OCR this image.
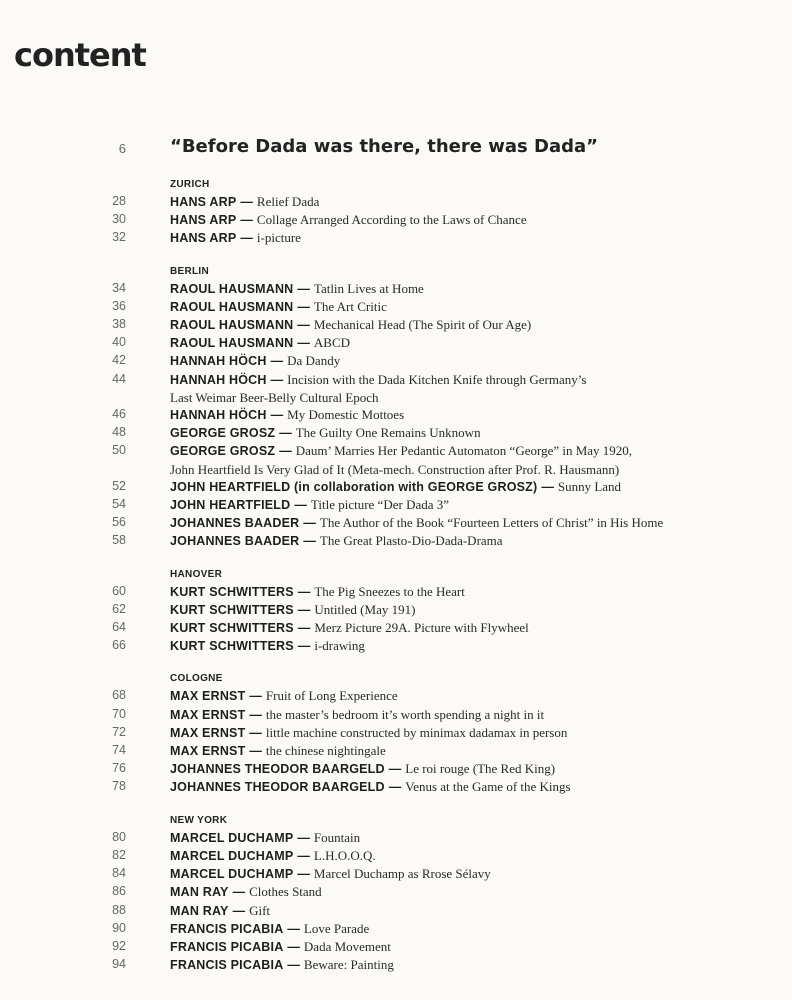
content
6 “Before Dada was there, there was Dada”
ZURICH
28	HANS ARP — Relief Dada
30	HANS ARP — Collage Arranged According to the Laws of Chance
32	HANS ARP — i-picture
BERLIN
34	RAOUL HAUSMANN — Tatlin Lives at Home
36	RAOUL HAUSMANN — The Art Critic
38	RAOUL HAUSMANN — Mechanical Head (The Spirit of Our Age)
40	RAOUL HAUSMANN — ABCD
42	HANNAH HÖCH — Da Dandy
44	HANNAH HÖCH — Incision with the Dada Kitchen Knife through Germany’s
Last Weimar Beer-Belly Cultural Epoch
46	HANNAH HÖCH — My Domestic Mottoes
48	GEORGE GROSZ — The Guilty One Remains Unknown
50	GEORGE GROSZ — Daum’ Marries Her Pedantic Automaton “George” in May 1920,
John Heartfield Is Very Glad of It (Meta-mech. Construction after Prof. R. Hausmann)
52	JOHN HEARTFIELD (in collaboration with GEORGE GROSZ) — Sunny Land
54	JOHN HEARTFIELD — Title picture “Der Dada 3”
56	JOHANNES BAADER — The Author of the Book “Fourteen Letters of Christ” in His Home
58	JOHANNES BAADER — The Great Plasto-Dio-Dada-Drama
HANOVER
60	KURT SCHWITTERS — The Pig Sneezes to the Heart
62	KURT SCHWITTERS — Untitled (May 191)
64	KURT SCHWITTERS — Merz Picture 29A. Picture with Flywheel
66	KURT SCHWITTERS — i-drawing
COLOGNE
68	MAX ERNST — Fruit of Long Experience
70	MAX ERNST — the master’s bedroom it’s worth spending a night in it
72	MAX ERNST — little machine constructed by minimax dadamax in person
74	MAX ERNST — the chinese nightingale
76	JOHANNES THEODOR BAARGELD — Le roi rouge (The Red King)
78	JOHANNES THEODOR BAARGELD — Venus at the Game of the Kings
NEW YORK
80	MARCEL DUCHAMP — Fountain
82	MARCEL DUCHAMP — L.H.O.O.Q.
84	MARCEL DUCHAMP — Marcel Duchamp as Rrose Sélavy
86	MAN RAY — Clothes Stand
88	MAN RAY — Gift
90	FRANCIS PICABIA — Love Parade
92	FRANCIS PICABIA — Dada Movement
94	FRANCIS PICABIA — Beware: Painting
